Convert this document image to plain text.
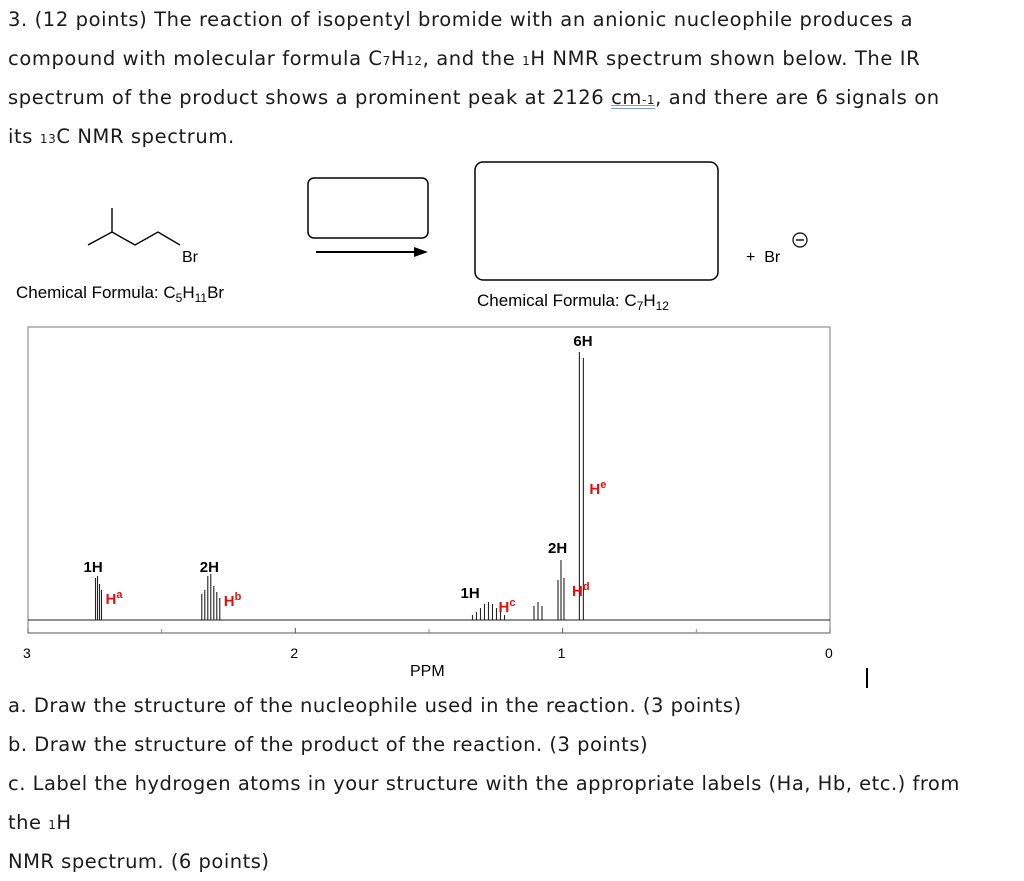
3. (12 points) The reaction of isopentyl bromide with an anionic nucleophile produces a
compound with molecular formula C7H12, and the 1H NMR spectrum shown below. The IR
spectrum of the product shows a prominent peak at 2126 cm-1, and there are 6 signals on
its 13C NMR spectrum.
Br
Chemical Formula: $C_5H_{11}Br$	Chemical Formula: $C_7H_{12}$
+  Br
3	2	1	0
1H
$H^a$
2H
$H^b$	1H
$H^c$
2H
$H^d$
6H
$H^e$
PPM
a. Draw the structure of the nucleophile used in the reaction. (3 points)
b. Draw the structure of the product of the reaction. (3 points)
c. Label the hydrogen atoms in your structure with the appropriate labels (Ha, Hb, etc.) from
the 1H
NMR spectrum. (6 points)
